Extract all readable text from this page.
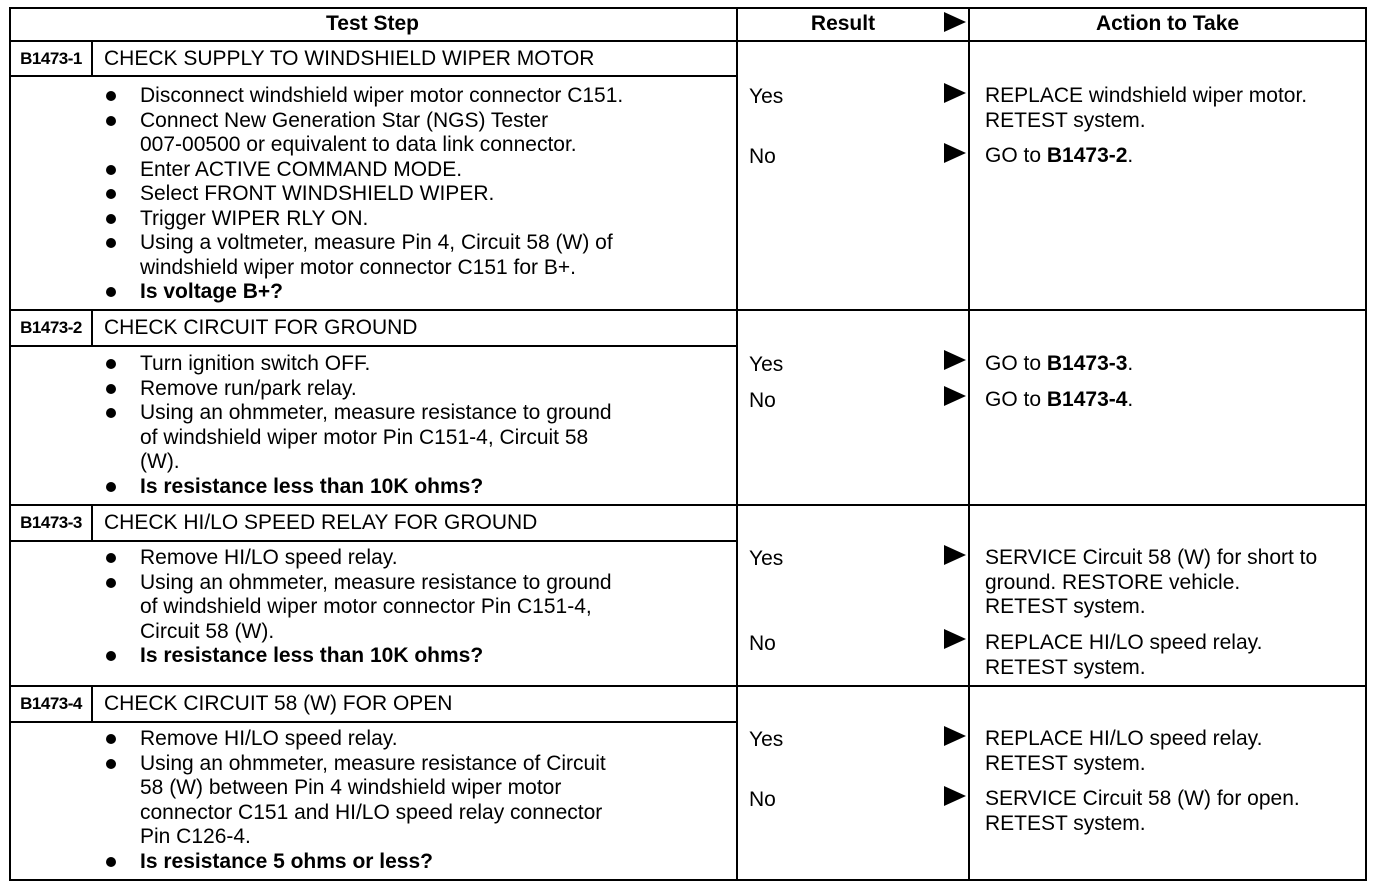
Test Step	Result	Action to Take
B1473-1	CHECK SUPPLY TO WINDSHIELD WIPER MOTOR
Disconnect windshield wiper motor connector C151.
Connect New Generation Star (NGS) Tester
007-00500 or equivalent to data link connector.
Enter ACTIVE COMMAND MODE.
Select FRONT WINDSHIELD WIPER.
Trigger WIPER RLY ON.
Using a voltmeter, measure Pin 4, Circuit 58 (W) of
windshield wiper motor connector C151 for B+.
Is voltage B+?
Yes	REPLACE windshield wiper motor.
RETEST system.
No	GO to B1473-2.
B1473-2	CHECK CIRCUIT FOR GROUND
Turn ignition switch OFF.
Remove run/park relay.
Using an ohmmeter, measure resistance to ground
of windshield wiper motor Pin C151-4, Circuit 58
(W).
Is resistance less than 10K ohms?
Yes	GO to B1473-3.
No	GO to B1473-4.
B1473-3	CHECK HI/LO SPEED RELAY FOR GROUND
Remove HI/LO speed relay.
Using an ohmmeter, measure resistance to ground
of windshield wiper motor connector Pin C151-4,
Circuit 58 (W).
Is resistance less than 10K ohms?
Yes	SERVICE Circuit 58 (W) for short to
ground. RESTORE vehicle.
RETEST system.
No	REPLACE HI/LO speed relay.
RETEST system.
B1473-4	CHECK CIRCUIT 58 (W) FOR OPEN
Remove HI/LO speed relay.
Using an ohmmeter, measure resistance of Circuit
58 (W) between Pin 4 windshield wiper motor
connector C151 and HI/LO speed relay connector
Pin C126-4.
Is resistance 5 ohms or less?
Yes	REPLACE HI/LO speed relay.
RETEST system.
No	SERVICE Circuit 58 (W) for open.
RETEST system.
